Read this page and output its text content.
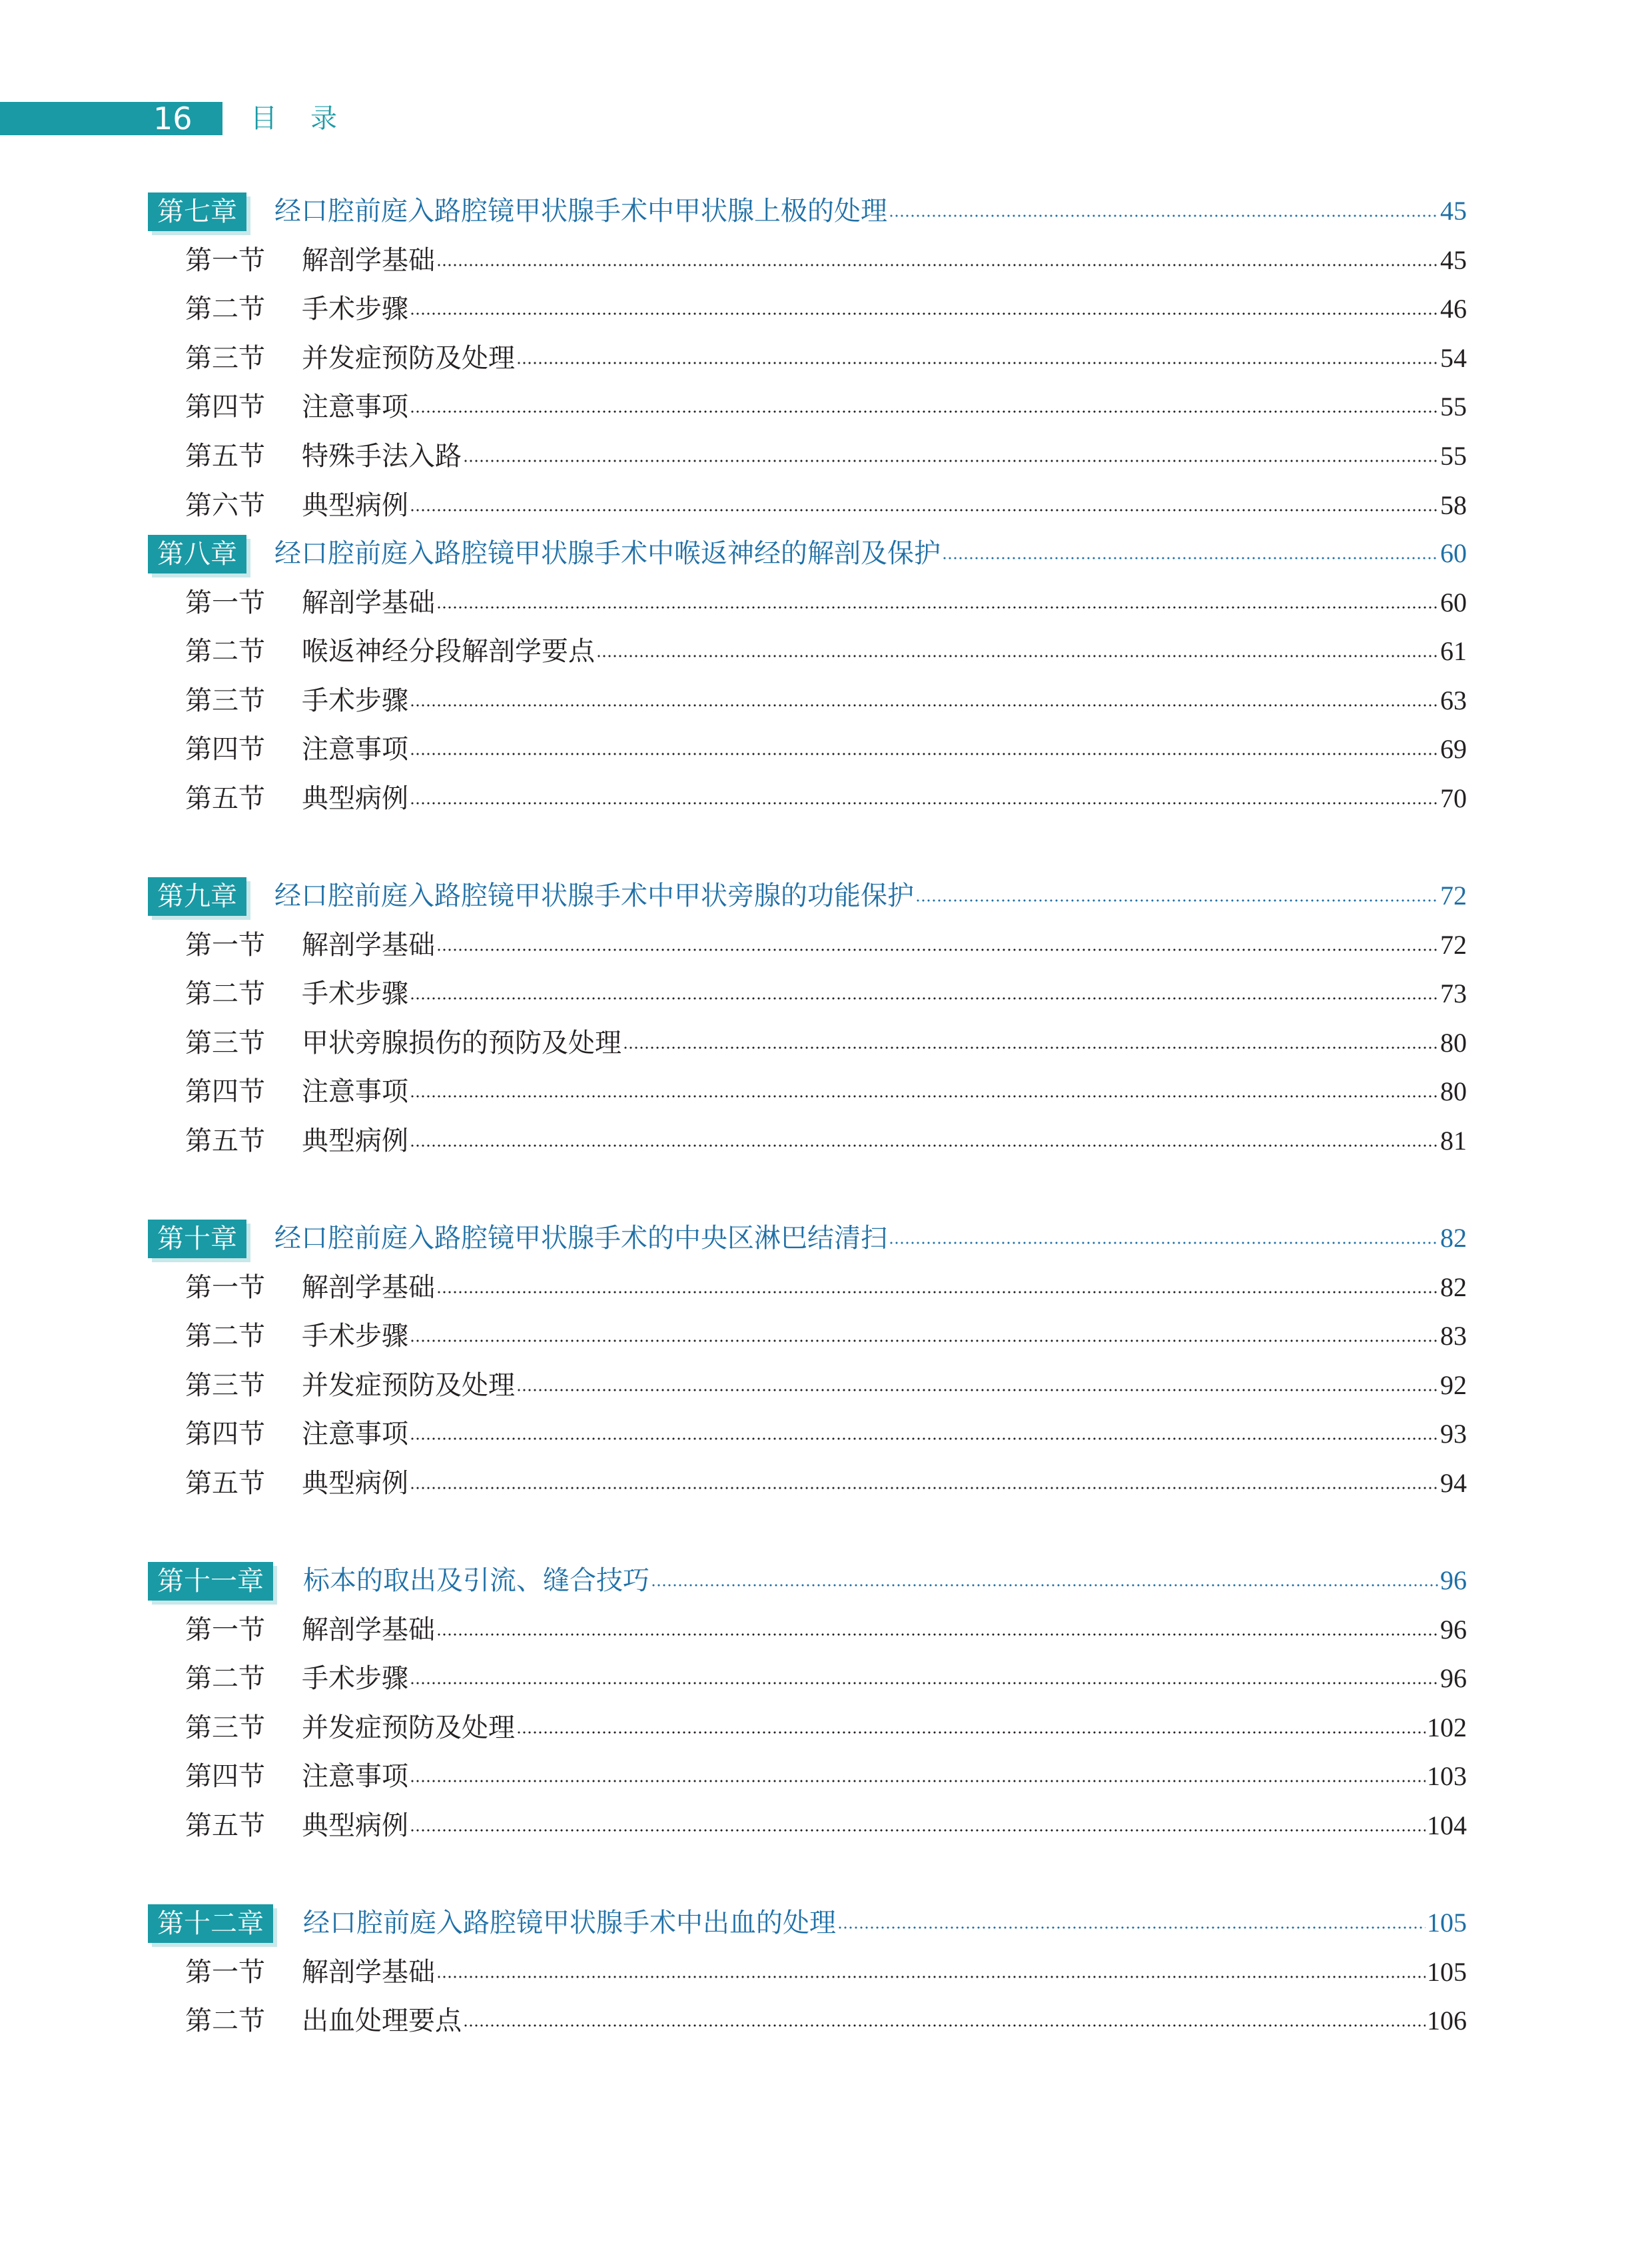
16 目录
第七章	经口腔前庭入路腔镜甲状腺手术中甲状腺上极的处理	45
第一节	解剖学基础	45
第二节	手术步骤	46
第三节	并发症预防及处理	54
第四节	注意事项	55
第五节	特殊手法入路	55
第六节	典型病例	58
第八章	经口腔前庭入路腔镜甲状腺手术中喉返神经的解剖及保护	60
第一节	解剖学基础	60
第二节	喉返神经分段解剖学要点	61
第三节	手术步骤	63
第四节	注意事项	69
第五节	典型病例	70
第九章	经口腔前庭入路腔镜甲状腺手术中甲状旁腺的功能保护	72
第一节	解剖学基础	72
第二节	手术步骤	73
第三节	甲状旁腺损伤的预防及处理	80
第四节	注意事项	80
第五节	典型病例	81
第十章	经口腔前庭入路腔镜甲状腺手术的中央区淋巴结清扫	82
第一节	解剖学基础	82
第二节	手术步骤	83
第三节	并发症预防及处理	92
第四节	注意事项	93
第五节	典型病例	94
第十一章	标本的取出及引流、缝合技巧	96
第一节	解剖学基础	96
第二节	手术步骤	96
第三节	并发症预防及处理	102
第四节	注意事项	103
第五节	典型病例	104
第十二章	经口腔前庭入路腔镜甲状腺手术中出血的处理	105
第一节	解剖学基础	105
第二节	出血处理要点	106
